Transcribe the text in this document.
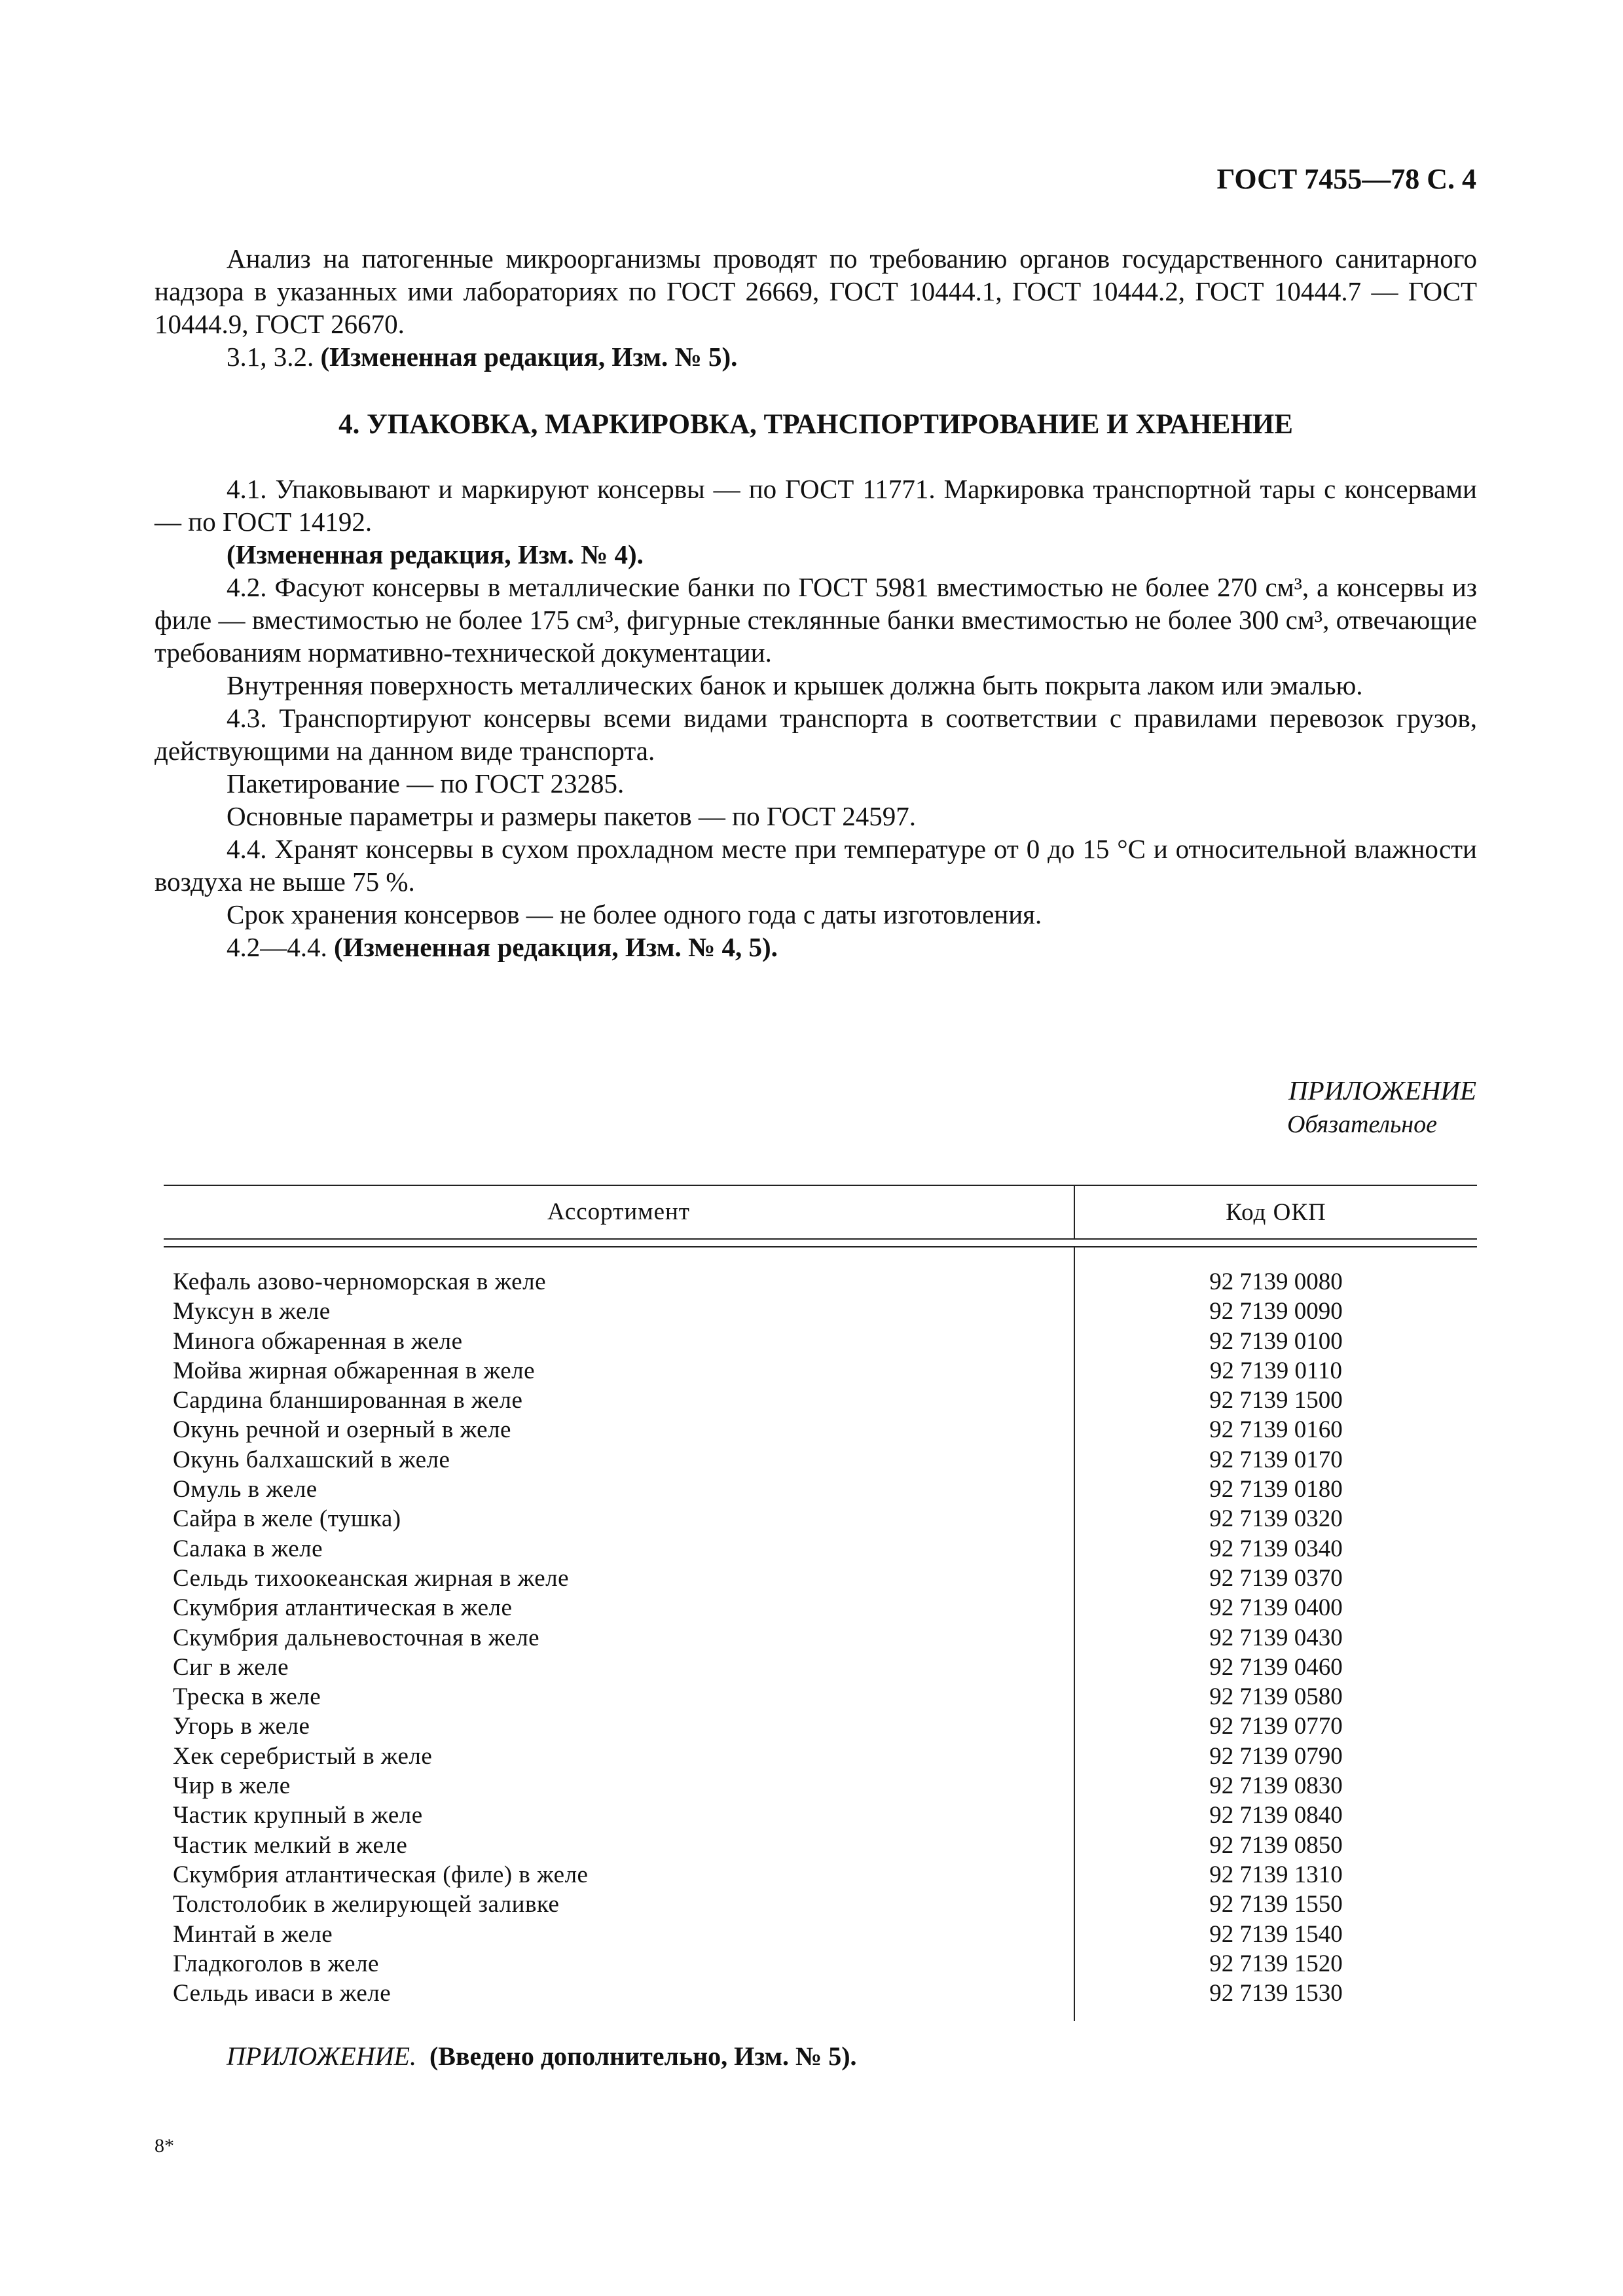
ГОСТ 7455—78 С. 4

Анализ на патогенные микроорганизмы проводят по требованию органов государственного санитарного надзора в указанных ими лабораториях по ГОСТ 26669, ГОСТ 10444.1, ГОСТ 10444.2, ГОСТ 10444.7 — ГОСТ 10444.9, ГОСТ 26670.

3.1, 3.2. (Измененная редакция, Изм. № 5).

4. УПАКОВКА, МАРКИРОВКА, ТРАНСПОРТИРОВАНИЕ И ХРАНЕНИЕ

4.1. Упаковывают и маркируют консервы — по ГОСТ 11771. Маркировка транспортной тары с консервами — по ГОСТ 14192.

(Измененная редакция, Изм. № 4).

4.2. Фасуют консервы в металлические банки по ГОСТ 5981 вместимостью не более 270 см³, а консервы из филе — вместимостью не более 175 см³, фигурные стеклянные банки вместимостью не более 300 см³, отвечающие требованиям нормативно-технической документации.

Внутренняя поверхность металлических банок и крышек должна быть покрыта лаком или эмалью.

4.3. Транспортируют консервы всеми видами транспорта в соответствии с правилами перевозок грузов, действующими на данном виде транспорта.

Пакетирование — по ГОСТ 23285.

Основные параметры и размеры пакетов — по ГОСТ 24597.

4.4. Хранят консервы в сухом прохладном месте при температуре от 0 до 15 °С и относительной влажности воздуха не выше 75 %.

Срок хранения консервов — не более одного года с даты изготовления.

4.2—4.4. (Измененная редакция, Изм. № 4, 5).

ПРИЛОЖЕНИЕ
Обязательное
Ассортимент	Код ОКП
Кефаль азово-черноморская в желе
Муксун в желе
Минога обжаренная в желе
Мойва жирная обжаренная в желе
Сардина бланшированная в желе
Окунь речной и озерный в желе
Окунь балхашский в желе
Омуль в желе
Сайра в желе (тушка)
Салака в желе
Сельдь тихоокеанская жирная в желе
Скумбрия атлантическая в желе
Скумбрия дальневосточная в желе
Сиг в желе
Треска в желе
Угорь в желе
Хек серебристый в желе
Чир в желе
Частик крупный в желе
Частик мелкий в желе
Скумбрия атлантическая (филе) в желе
Толстолобик в желирующей заливке
Минтай в желе
Гладкоголов в желе
Сельдь иваси в желе
92 7139 0080
92 7139 0090
92 7139 0100
92 7139 0110
92 7139 1500
92 7139 0160
92 7139 0170
92 7139 0180
92 7139 0320
92 7139 0340
92 7139 0370
92 7139 0400
92 7139 0430
92 7139 0460
92 7139 0580
92 7139 0770
92 7139 0790
92 7139 0830
92 7139 0840
92 7139 0850
92 7139 1310
92 7139 1550
92 7139 1540
92 7139 1520
92 7139 1530
ПРИЛОЖЕНИЕ. (Введено дополнительно, Изм. № 5).
8*
